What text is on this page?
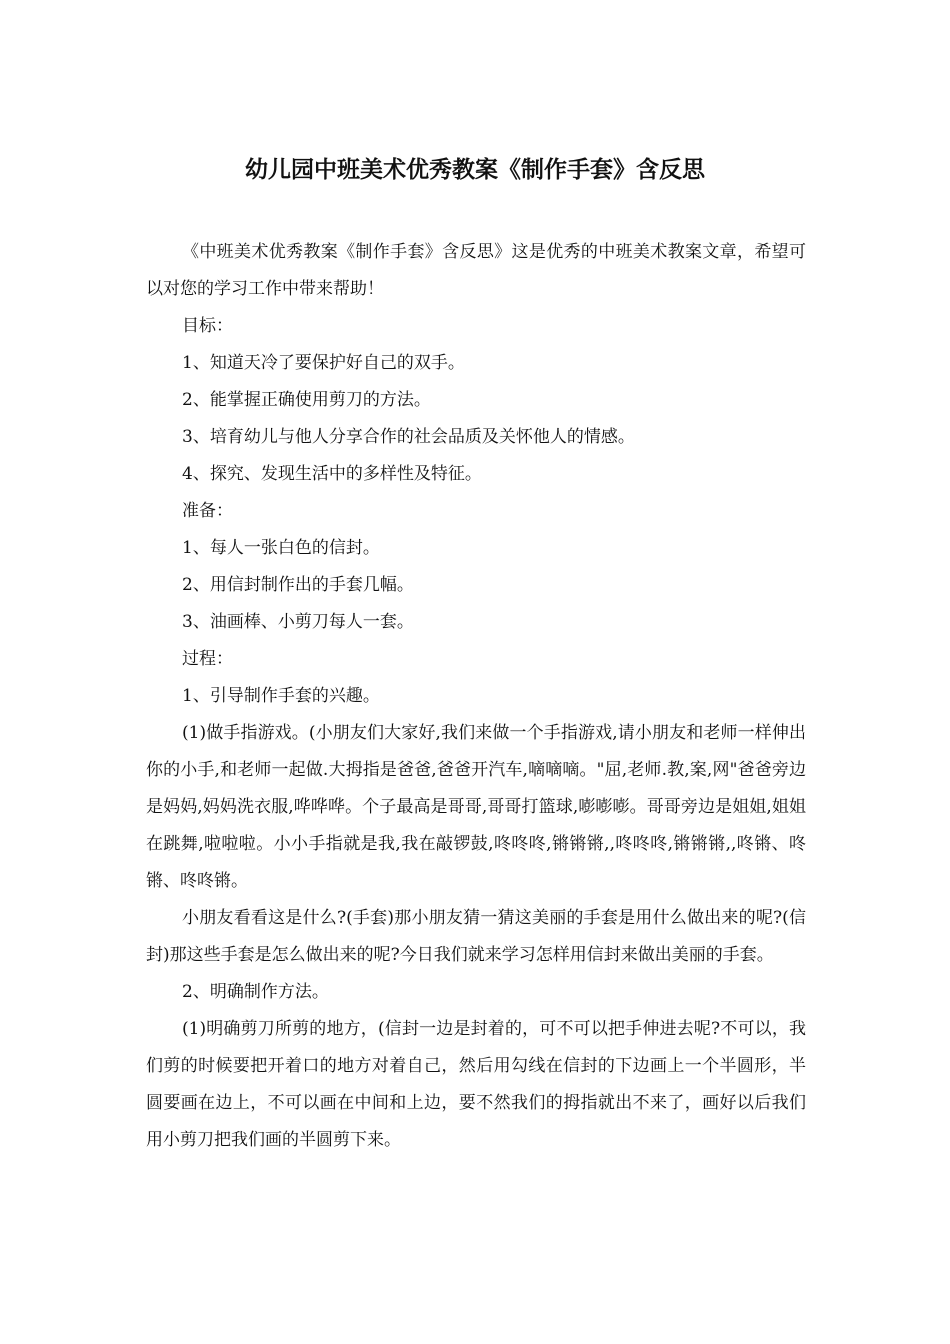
幼儿园中班美术优秀教案《制作手套》含反思

《中班美术优秀教案《制作手套》含反思》这是优秀的中班美术教案文章，希望可以对您的学习工作中带来帮助！

目标：

1、知道天冷了要保护好自己的双手。

2、能掌握正确使用剪刀的方法。

3、培育幼儿与他人分享合作的社会品质及关怀他人的情感。

4、探究、发现生活中的多样性及特征。

准备：

1、每人一张白色的信封。

2、用信封制作出的手套几幅。

3、油画棒、小剪刀每人一套。

过程：

1、引导制作手套的兴趣。

(1)做手指游戏。(小朋友们大家好,我们来做一个手指游戏,请小朋友和老师一样伸出你的小手,和老师一起做.大拇指是爸爸,爸爸开汽车,嘀嘀嘀。"屈,老师.教,案,网"爸爸旁边是妈妈,妈妈洗衣服,哗哗哗。个子最高是哥哥,哥哥打篮球,嘭嘭嘭。哥哥旁边是姐姐,姐姐在跳舞,啦啦啦。小小手指就是我,我在敲锣鼓,咚咚咚,锵锵锵,,咚咚咚,锵锵锵,,咚锵、咚锵、咚咚锵。

小朋友看看这是什么?(手套)那小朋友猜一猜这美丽的手套是用什么做出来的呢?(信封)那这些手套是怎么做出来的呢?今日我们就来学习怎样用信封来做出美丽的手套。

2、明确制作方法。

(1)明确剪刀所剪的地方，(信封一边是封着的，可不可以把手伸进去呢?不可以，我们剪的时候要把开着口的地方对着自己，然后用勾线在信封的下边画上一个半圆形，半圆要画在边上，不可以画在中间和上边，要不然我们的拇指就出不来了，画好以后我们用小剪刀把我们画的半圆剪下来。
